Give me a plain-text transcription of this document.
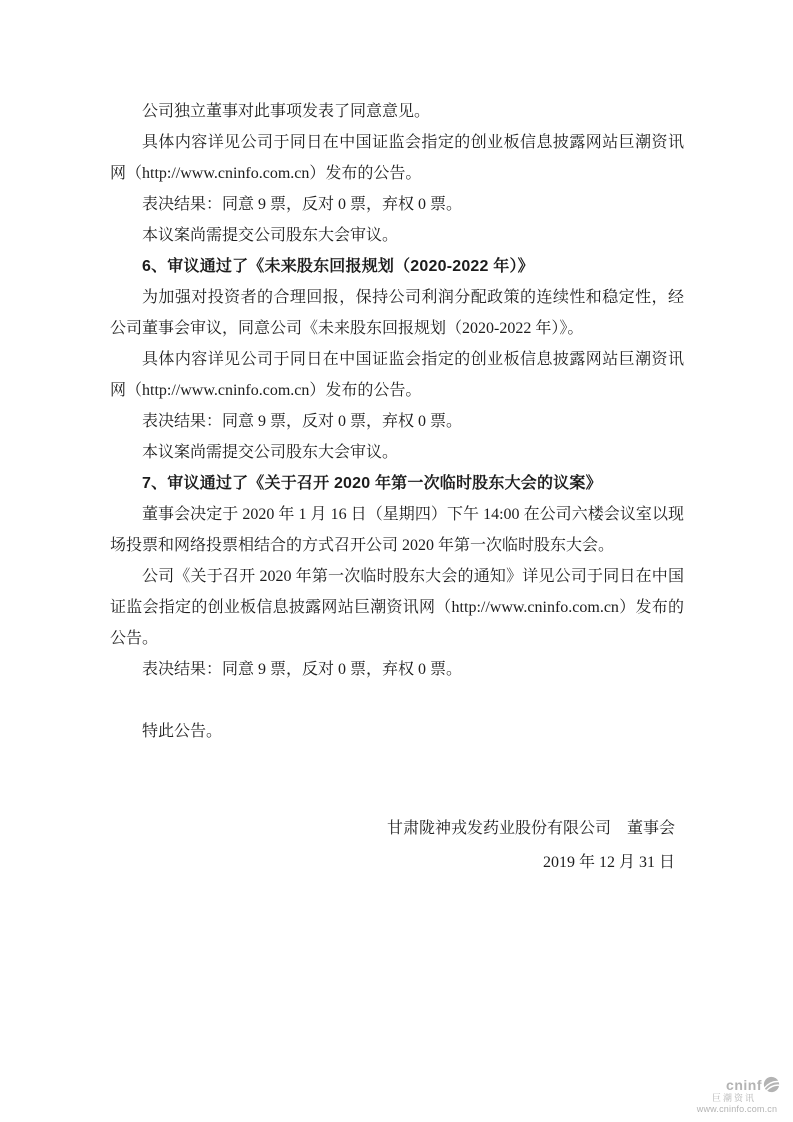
公司独立董事对此事项发表了同意意见。

具体内容详见公司于同日在中国证监会指定的创业板信息披露网站巨潮资讯网（http://www.cninfo.com.cn）发布的公告。

表决结果：同意 9 票，反对 0 票，弃权 0 票。

本议案尚需提交公司股东大会审议。

6、审议通过了《未来股东回报规划（2020-2022 年）》

为加强对投资者的合理回报，保持公司利润分配政策的连续性和稳定性，经公司董事会审议，同意公司《未来股东回报规划（2020-2022 年）》。

具体内容详见公司于同日在中国证监会指定的创业板信息披露网站巨潮资讯网（http://www.cninfo.com.cn）发布的公告。

表决结果：同意 9 票，反对 0 票，弃权 0 票。

本议案尚需提交公司股东大会审议。

7、审议通过了《关于召开 2020 年第一次临时股东大会的议案》

董事会决定于 2020 年 1 月 16 日（星期四）下午 14:00 在公司六楼会议室以现场投票和网络投票相结合的方式召开公司 2020 年第一次临时股东大会。

公司《关于召开 2020 年第一次临时股东大会的通知》详见公司于同日在中国证监会指定的创业板信息披露网站巨潮资讯网（http://www.cninfo.com.cn）发布的公告。

表决结果：同意 9 票，反对 0 票，弃权 0 票。

特此公告。

甘肃陇神戎发药业股份有限公司　董事会

2019 年 12 月 31 日

cninf
巨潮资讯
www.cninfo.com.cn
